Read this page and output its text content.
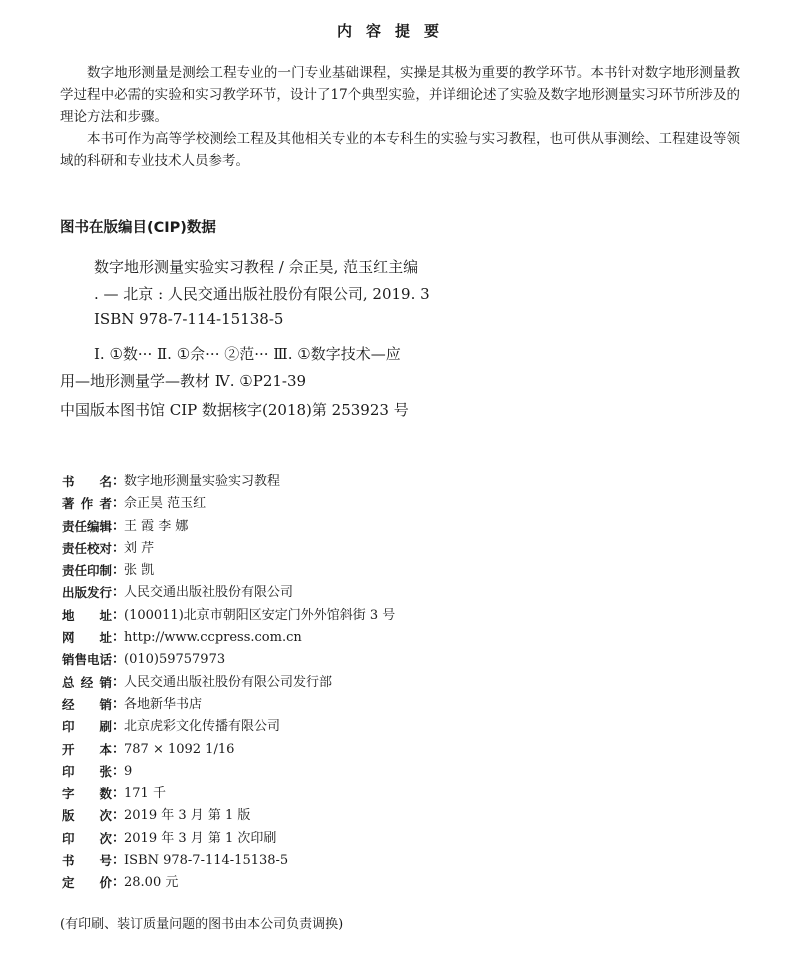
内容提要

数字地形测量是测绘工程专业的一门专业基础课程，实操是其极为重要的教学环节。本书针对数字地形测量教学过程中必需的实验和实习教学环节，设计了17个典型实验，并详细论述了实验及数字地形测量实习环节所涉及的理论方法和步骤。

本书可作为高等学校测绘工程及其他相关专业的本专科生的实验与实习教程，也可供从事测绘、工程建设等领域的科研和专业技术人员参考。

图书在版编目(CIP)数据
数字地形测量实验实习教程 / 佘正昊, 范玉红主编
. — 北京 : 人民交通出版社股份有限公司, 2019. 3
ISBN 978-7-114-15138-5
Ⅰ. ①数··· Ⅱ. ①佘··· ②范··· Ⅲ. ①数字技术—应
用—地形测量学—教材 Ⅳ. ①P21-39
中国版本图书馆 CIP 数据核字(2018)第 253923 号
书名 ：
数字地形测量实验实习教程
著作者 ：
佘正昊 范玉红
责任编辑 ：
王 霞 李 娜
责任校对 ：
刘 芹
责任印制 ：
张 凯
出版发行 ：
人民交通出版社股份有限公司
地址 ：
(100011)北京市朝阳区安定门外外馆斜街 3 号
网址 ：
http://www.ccpress.com.cn
销售电话 ：
(010)59757973
总经销 ：
人民交通出版社股份有限公司发行部
经销 ：
各地新华书店
印刷 ：
北京虎彩文化传播有限公司
开本 ：
787 × 1092 1/16
印张 ：
9
字数 ：
171 千
版次 ：
2019 年 3 月 第 1 版
印次 ：
2019 年 3 月 第 1 次印刷
书号 ：
ISBN 978-7-114-15138-5
定价 ：
28.00 元
(有印刷、装订质量问题的图书由本公司负责调换)
